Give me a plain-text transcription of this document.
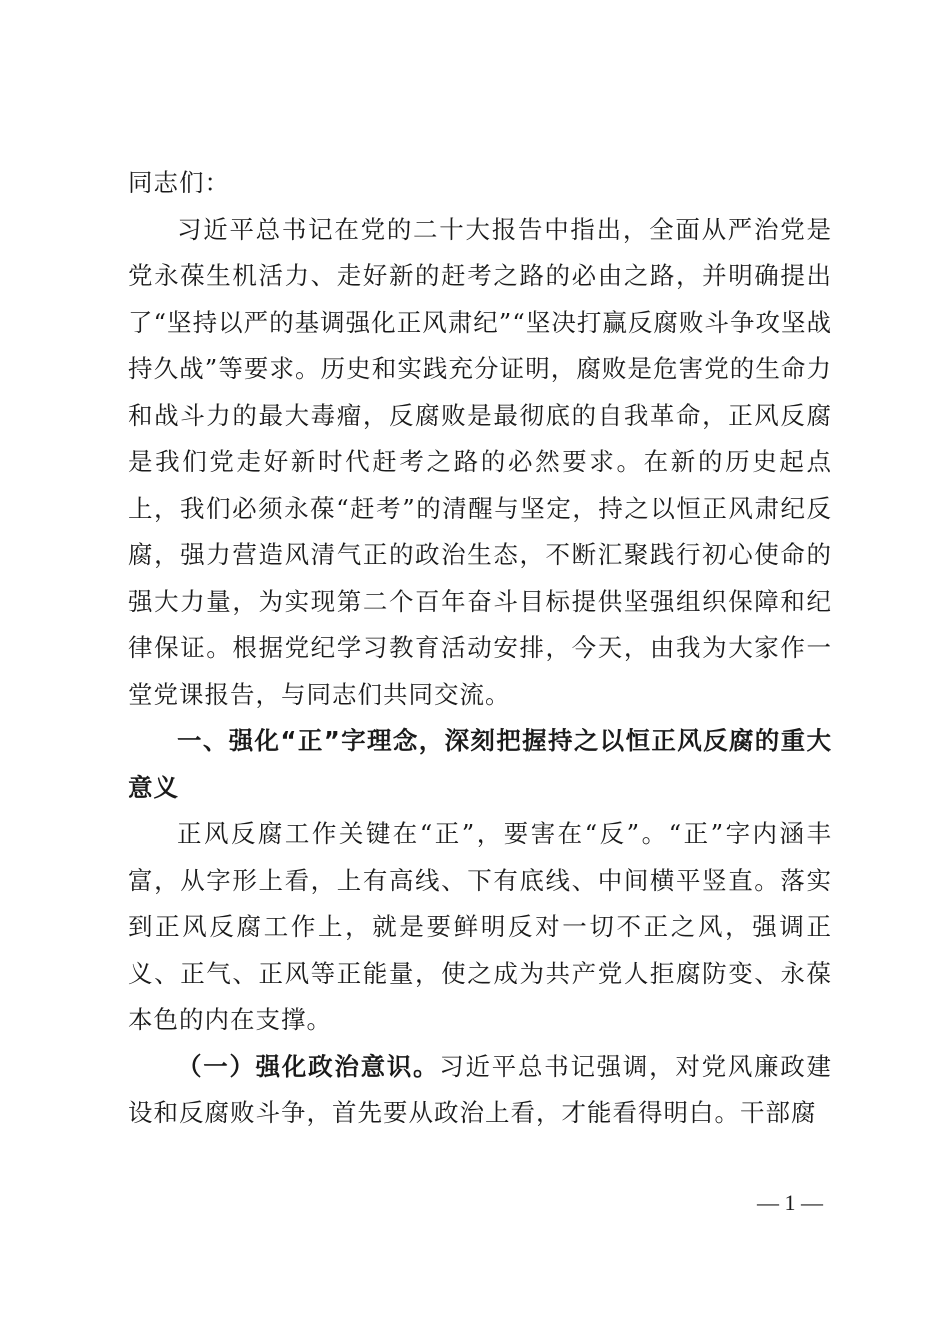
同志们：

习近平总书记在党的二十大报告中指出，全面从严治党是党永葆生机活力、走好新的赶考之路的必由之路，并明确提出了“坚持以严的基调强化正风肃纪”“坚决打赢反腐败斗争攻坚战持久战”等要求。历史和实践充分证明，腐败是危害党的生命力和战斗力的最大毒瘤，反腐败是最彻底的自我革命，正风反腐是我们党走好新时代赶考之路的必然要求。在新的历史起点上，我们必须永葆“赶考”的清醒与坚定，持之以恒正风肃纪反腐，强力营造风清气正的政治生态，不断汇聚践行初心使命的强大力量，为实现第二个百年奋斗目标提供坚强组织保障和纪律保证。根据党纪学习教育活动安排，今天，由我为大家作一堂党课报告，与同志们共同交流。

一、强化“正”字理念，深刻把握持之以恒正风反腐的重大意义

正风反腐工作关键在“正”，要害在“反”。“正”字内涵丰富，从字形上看，上有高线、下有底线、中间横平竖直。落实到正风反腐工作上，就是要鲜明反对一切不正之风，强调正义、正气、正风等正能量，使之成为共产党人拒腐防变、永葆本色的内在支撑。

（一）强化政治意识。习近平总书记强调，对党风廉政建设和反腐败斗争，首先要从政治上看，才能看得明白。干部腐

— 1 —
